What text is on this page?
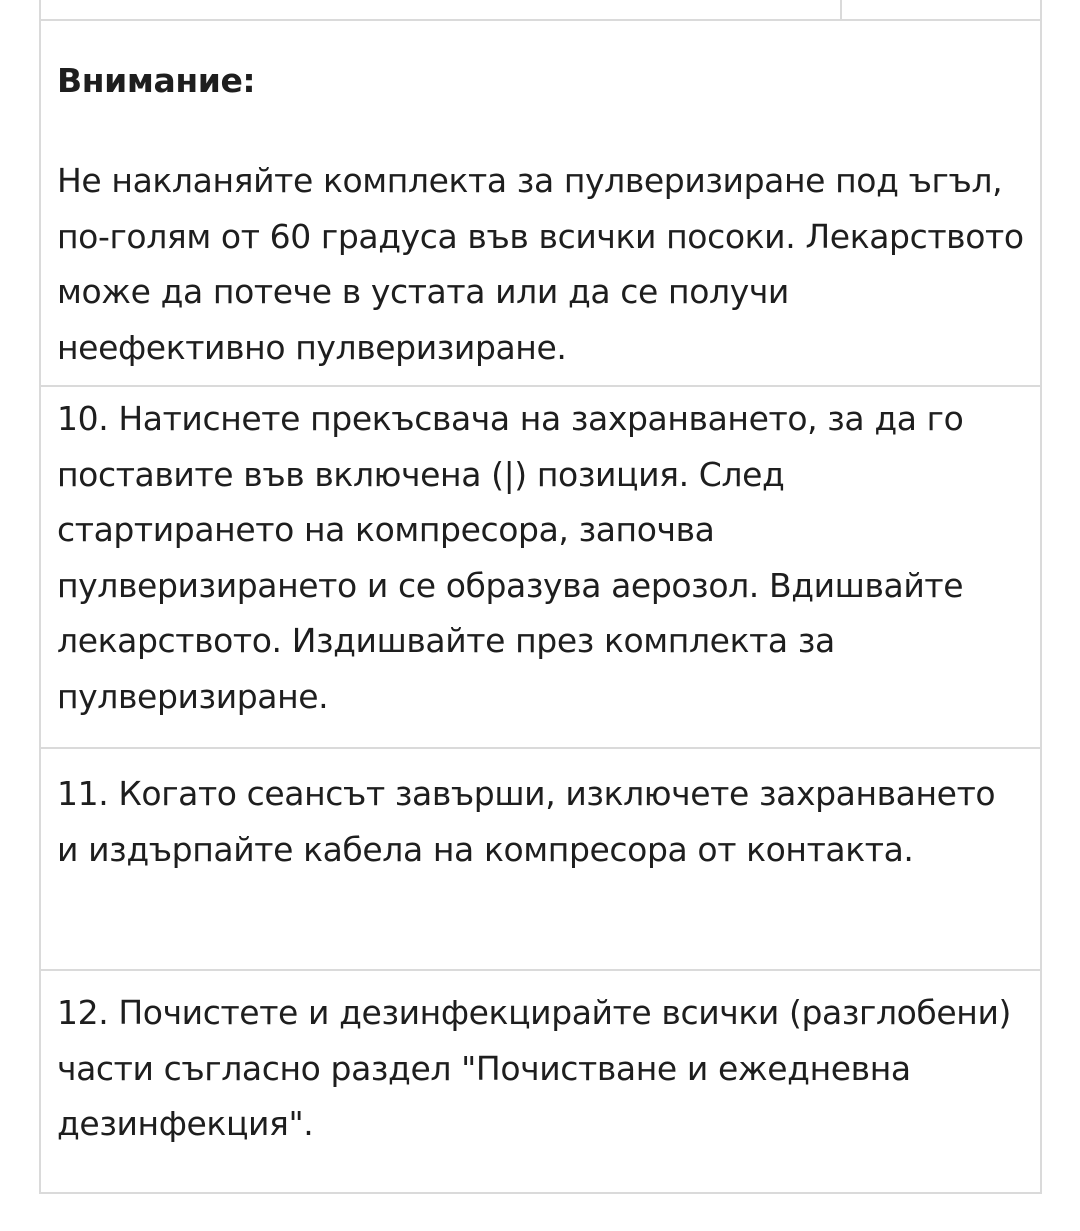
Внимание:

Не накланяйте комплекта за пулверизиране под ъгъл, по-голям от 60 градуса във всички посоки. Лекарството може да потече в устата или да се получи неефективно пулверизиране.

10. Натиснете прекъсвача на захранването, за да го поставите във включена (|) позиция. След стартирането на компресора, започва пулверизирането и се образува аерозол. Вдишвайте лекарството. Издишвайте през комплекта за пулверизиране.

11. Когато сеансът завърши, изключете захранването и издърпайте кабела на компресора от контакта.

12. Почистете и дезинфекцирайте всички (разглобени) части съгласно раздел "Почистване и ежедневна дезинфекция".
